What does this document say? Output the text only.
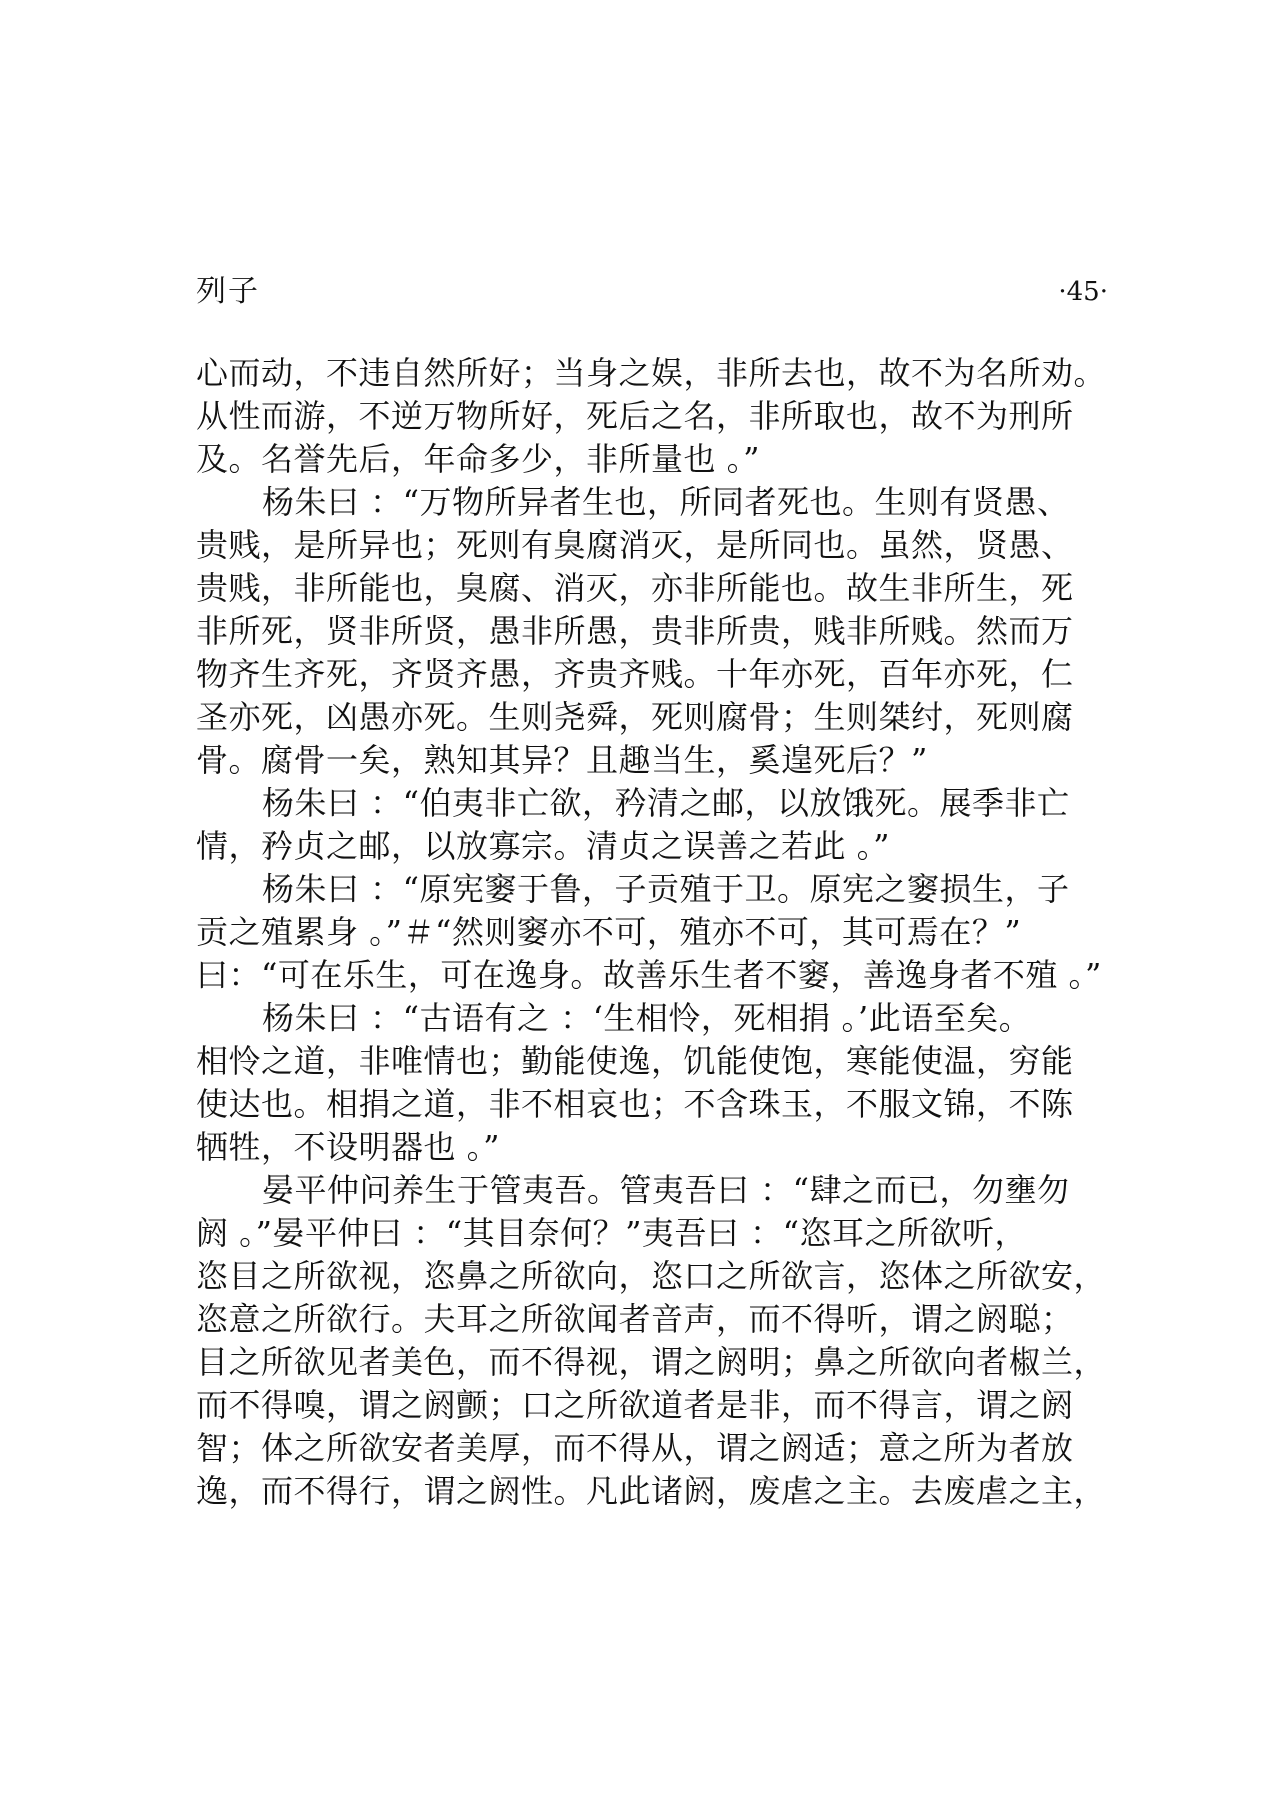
列子	·45·
心而动，不违自然所好；当身之娱，非所去也，故不为名所劝。
从性而游，不逆万物所好，死后之名，非所取也，故不为刑所
及。名誉先后，年命多少，非所量也 。”
杨朱曰 ：“万物所异者生也，所同者死也。生则有贤愚、
贵贱，是所异也；死则有臭腐消灭，是所同也。虽然，贤愚、
贵贱，非所能也，臭腐、消灭，亦非所能也。故生非所生，死
非所死，贤非所贤，愚非所愚，贵非所贵，贱非所贱。然而万
物齐生齐死，齐贤齐愚，齐贵齐贱。十年亦死，百年亦死，仁
圣亦死，凶愚亦死。生则尧舜，死则腐骨；生则桀纣，死则腐
骨。腐骨一矣，熟知其异？且趣当生，奚遑死后？”
杨朱曰 ：“伯夷非亡欲，矜清之邮，以放饿死。展季非亡
情，矜贞之邮，以放寡宗。清贞之误善之若此 。”
杨朱曰 ：“原宪窭于鲁，子贡殖于卫。原宪之窭损生，子
贡之殖累身 。”＃“然则窭亦不可，殖亦不可，其可焉在？”
曰：“可在乐生，可在逸身。故善乐生者不窭，善逸身者不殖 。”
杨朱曰 ：“古语有之 ：‘生相怜，死相捐 。’此语至矣。
相怜之道，非唯情也；勤能使逸，饥能使饱，寒能使温，穷能
使达也。相捐之道，非不相哀也；不含珠玉，不服文锦，不陈
牺牲，不设明器也 。”
晏平仲问养生于管夷吾。管夷吾曰 ：“肆之而已，勿壅勿
阏 。”晏平仲曰 ：“其目奈何？”夷吾曰 ：“恣耳之所欲听，
恣目之所欲视，恣鼻之所欲向，恣口之所欲言，恣体之所欲安，
恣意之所欲行。夫耳之所欲闻者音声，而不得听，谓之阏聪；
目之所欲见者美色，而不得视，谓之阏明；鼻之所欲向者椒兰，
而不得嗅，谓之阏颤；口之所欲道者是非，而不得言，谓之阏
智；体之所欲安者美厚，而不得从，谓之阏适；意之所为者放
逸，而不得行，谓之阏性。凡此诸阏，废虐之主。去废虐之主，
